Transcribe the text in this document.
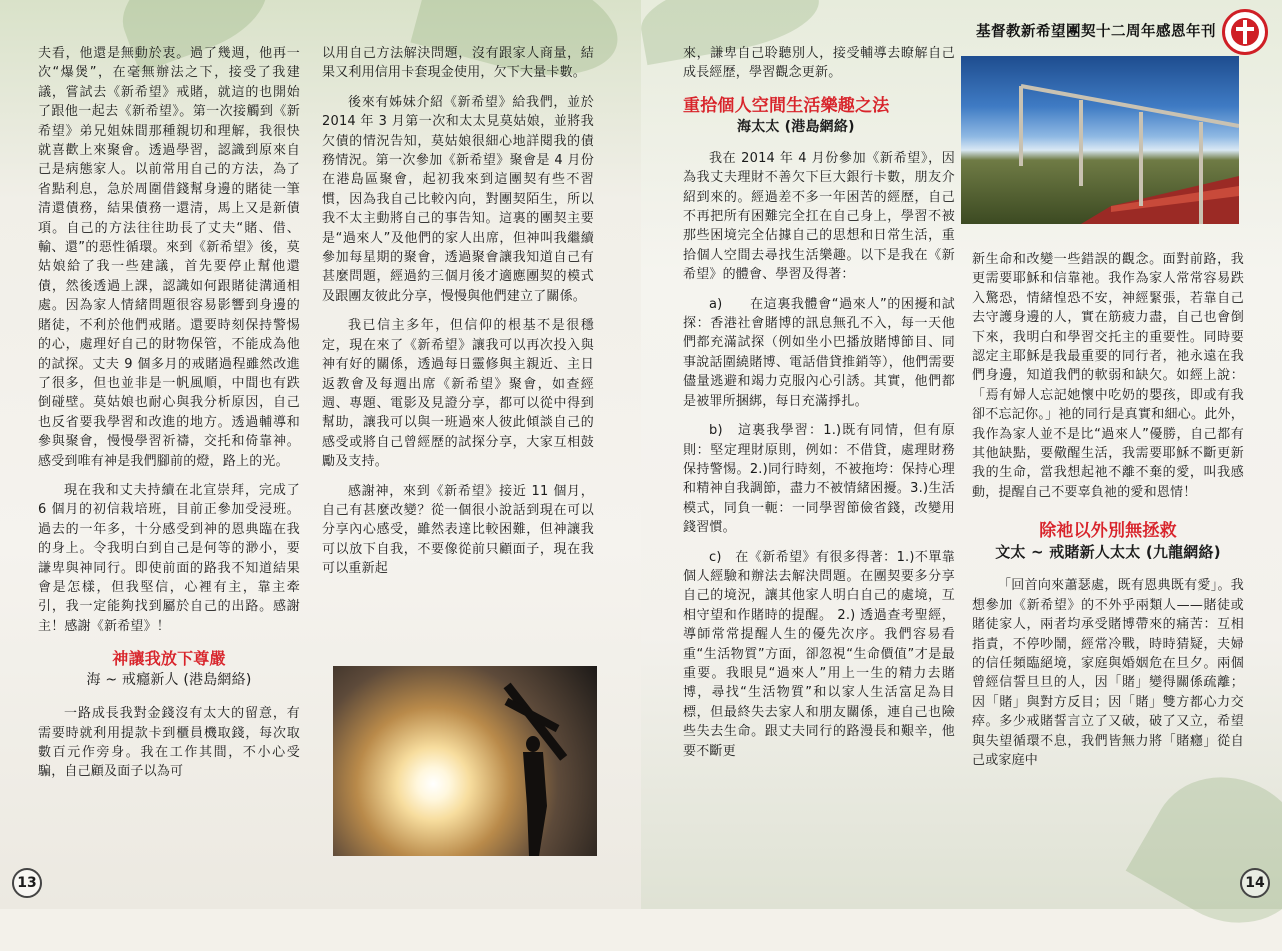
基督教新希望團契十二周年感恩年刊

夫看，他還是無動於衷。過了幾週，他再一次“爆煲”，在毫無辦法之下，接受了我建議，嘗試去《新希望》戒賭，就這的也開始了跟他一起去《新希望》。第一次接觸到《新希望》弟兄姐妹間那種親切和理解，我很快就喜歡上來聚會。透過學習，認識到原來自己是病態家人。以前常用自己的方法，為了省點利息，急於周圍借錢幫身邊的賭徒一筆清還債務，結果債務一還清，馬上又是新債項。自己的方法往往助長了丈夫“賭、借、輸、還”的惡性循環。來到《新希望》後，莫姑娘給了我一些建議，首先要停止幫他還債，然後透過上課，認識如何跟賭徒溝通相處。因為家人情緒問題很容易影響到身邊的賭徒，不利於他們戒賭。還要時刻保持警惕的心，處理好自己的財物保管，不能成為他的試探。丈夫 9 個多月的戒賭過程雖然改進了很多，但也並非是一帆風順，中間也有跌倒碰壁。莫姑娘也耐心與我分析原因，自己也反省要我學習和改進的地方。透過輔導和參與聚會，慢慢學習祈禱，交托和倚靠神。感受到唯有神是我們腳前的燈，路上的光。

現在我和丈夫持續在北宣崇拜，完成了 6 個月的初信栽培班，目前正參加受浸班。過去的一年多，十分感受到神的恩典臨在我的身上。令我明白到自己是何等的渺小，要謙卑與神同行。即使前面的路我不知道結果會是怎樣，但我堅信，心裡有主，靠主牽引，我一定能夠找到屬於自己的出路。感謝主！感謝《新希望》！

神讓我放下尊嚴
海 ~ 戒癮新人 (港島網絡)

一路成長我對金錢沒有太大的留意，有需要時就利用提款卡到櫃員機取錢，每次取數百元作旁身。我在工作其間，不小心受騙，自己顧及面子以為可

以用自己方法解決問題，沒有跟家人商量，結果又利用信用卡套現金使用，欠下大量卡數。

後來有姊妹介紹《新希望》給我們，並於 2014 年 3 月第一次和太太見莫姑娘，並將我欠債的情況告知，莫姑娘很細心地詳閱我的債務情況。第一次參加《新希望》聚會是 4 月份在港島區聚會，起初我來到這團契有些不習慣，因為我自己比較內向，對團契陌生，所以我不太主動將自己的事告知。這裏的團契主要是“過來人”及他們的家人出席，但神叫我繼續參加每星期的聚會，透過聚會讓我知道自己有甚麼問題，經過約三個月後才適應團契的模式及跟團友彼此分享，慢慢與他們建立了關係。

我已信主多年，但信仰的根基不是很穩定，現在來了《新希望》讓我可以再次投入與神有好的關係，透過每日靈修與主親近、主日返教會及每週出席《新希望》聚會，如查經週、專題、電影及見證分享，都可以從中得到幫助，讓我可以與一班過來人彼此傾談自己的感受或將自己曾經歷的試探分享，大家互相鼓勵及支持。

感謝神，來到《新希望》接近 11 個月，自己有甚麼改變？從一個很小說話到現在可以分享內心感受，雖然表達比較困難，但神讓我可以放下自我，不要像從前只顧面子，現在我可以重新起

來，謙卑自己聆聽別人，接受輔導去瞭解自己成長經歷，學習觀念更新。

重拾個人空間生活樂趣之法
海太太 (港島網絡)

我在 2014 年 4 月份參加《新希望》，因為我丈夫理財不善欠下巨大銀行卡數，朋友介紹到來的。經過差不多一年困苦的經歷，自己不再把所有困難完全扛在自己身上，學習不被那些困境完全佔據自己的思想和日常生活，重拾個人空間去尋找生活樂趣。以下是我在《新希望》的體會、學習及得著：

a)　　在這裏我體會“過來人”的困擾和試探：香港社會賭博的訊息無孔不入，每一天他們都充滿試探（例如坐小巴播放賭博節目、同事說話圍繞賭博、電話借貸推銷等），他們需要儘量逃避和竭力克服內心引誘。其實，他們都是被罪所捆綁，每日充滿掙扎。

b)　這裏我學習：1.)既有同情，但有原則：堅定理財原則，例如：不借貸，處理財務保持警惕。2.)同行時刻，不被拖垮：保持心理和精神自我調節，盡力不被情緒困擾。3.)生活模式，同負一軛：一同學習節儉省錢，改變用錢習慣。

c)　在《新希望》有很多得著：1.)不單靠個人經驗和辦法去解決問題。在團契要多分享自己的境況，讓其他家人明白自己的處境，互相守望和作賭時的提醒。 2.) 透過查考聖經，導師常常提醒人生的優先次序。我們容易看重“生活物質”方面，卻忽視“生命價值”才是最重要。我眼見“過來人”用上一生的精力去賭博，尋找“生活物質”和以家人生活富足為目標，但最終失去家人和朋友關係，連自己也險些失去生命。跟丈夫同行的路漫長和艱辛，他要不斷更

新生命和改變一些錯誤的觀念。面對前路，我更需要耶穌和信靠祂。我作為家人常常容易跌入驚恐，情緒惶恐不安，神經緊張，若靠自己去守護身邊的人，實在筋疲力盡，自己也會倒下來，我明白和學習交托主的重要性。同時要認定主耶穌是我最重要的同行者，祂永遠在我們身邊，知道我們的軟弱和缺欠。如經上說：「焉有婦人忘記她懷中吃奶的嬰孩，即或有我卻不忘記你。」祂的同行是真實和細心。此外，我作為家人並不是比“過來人”優勝，自己都有其他缺點，要儆醒生活，我需要耶穌不斷更新我的生命，當我想起祂不離不棄的愛，叫我感動，提醒自己不要辜負祂的愛和恩情！

除祂以外別無拯救
文太 ~ 戒賭新人太太 (九龍網絡)

「回首向來蕭瑟處，既有恩典既有愛」。我想參加《新希望》的不外乎兩類人——賭徒或賭徒家人，兩者均承受賭博帶來的痛苦：互相指責，不停吵鬧，經常冷戰，時時猜疑，夫婦的信任頻臨絕境，家庭與婚姻危在旦夕。兩個曾經信誓旦旦的人，因「賭」變得關係疏離；因「賭」與對方反目；因「賭」雙方都心力交瘁。多少戒賭誓言立了又破，破了又立，希望與失望循環不息，我們皆無力將「賭癮」從自己或家庭中

13	14
